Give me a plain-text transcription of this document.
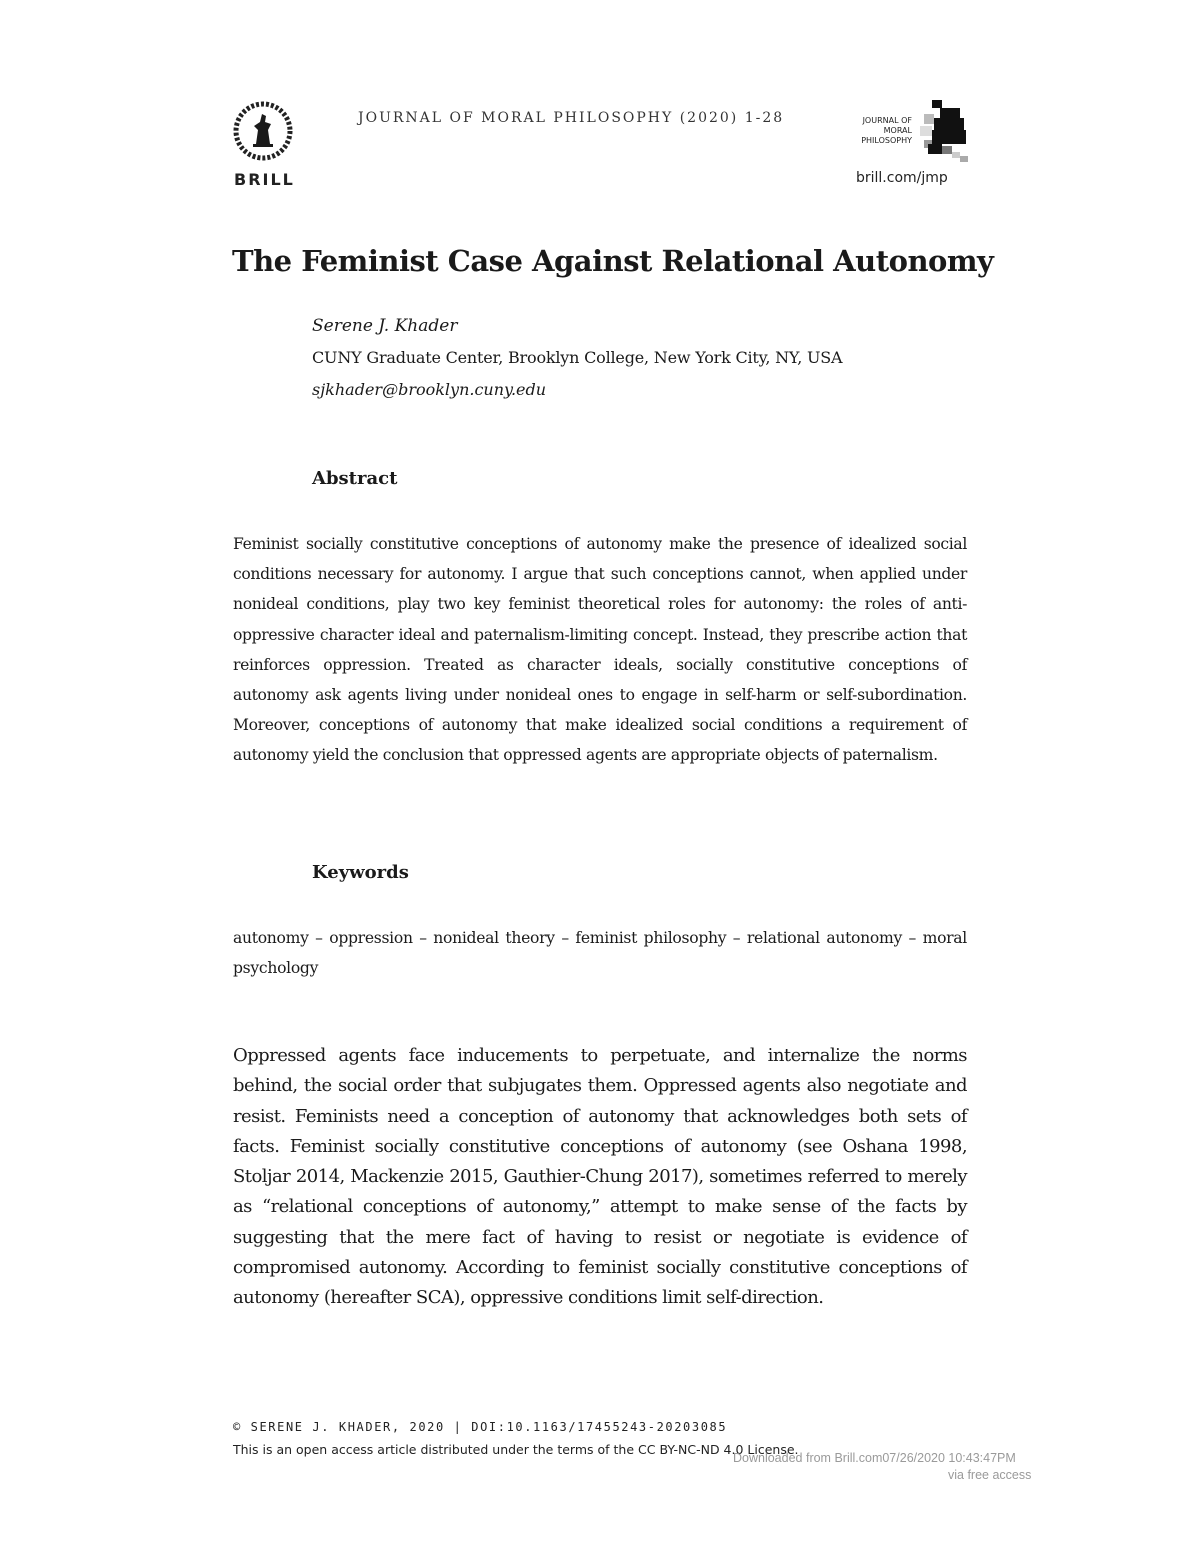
BRILL
JOURNAL OF MORAL PHILOSOPHY (2020) 1-28	JOURNAL OF
MORAL
PHILOSOPHY
brill.com/jmp
The Feminist Case Against Relational Autonomy
Serene J. Khader
CUNY Graduate Center, Brooklyn College, New York City, NY, USA
sjkhader@brooklyn.cuny.edu
Abstract
Feminist socially constitutive conceptions of autonomy make the presence of idealized social conditions necessary for autonomy. I argue that such conceptions cannot, when applied under nonideal conditions, play two key feminist theoretical roles for autonomy: the roles of anti-oppressive character ideal and paternalism-limiting concept. Instead, they prescribe action that reinforces oppression. Treated as character ideals, socially constitutive conceptions of autonomy ask agents living under nonideal ones to engage in self-harm or self-subordination. Moreover, conceptions of autonomy that make idealized social conditions a requirement of autonomy yield the conclusion that oppressed agents are appropriate objects of paternalism.
Keywords
autonomy – oppression – nonideal theory – feminist philosophy – relational autonomy – moral psychology
Oppressed agents face inducements to perpetuate, and internalize the norms behind, the social order that subjugates them. Oppressed agents also negotiate and resist. Feminists need a conception of autonomy that acknowledges both sets of facts. Feminist socially constitutive conceptions of autonomy (see Oshana 1998, Stoljar 2014, Mackenzie 2015, Gauthier-Chung 2017), sometimes referred to merely as “relational conceptions of autonomy,” attempt to make sense of the facts by suggesting that the mere fact of having to resist or negotiate is evidence of compromised autonomy. According to feminist socially constitutive conceptions of autonomy (hereafter SCA), oppressive conditions limit self-direction.
© SERENE J. KHADER, 2020 | DOI:10.1163/17455243-20203085
This is an open access article distributed under the terms of the CC BY-NC-ND 4.0 License.
Downloaded from Brill.com07/26/2020 10:43:47PM
via free access
